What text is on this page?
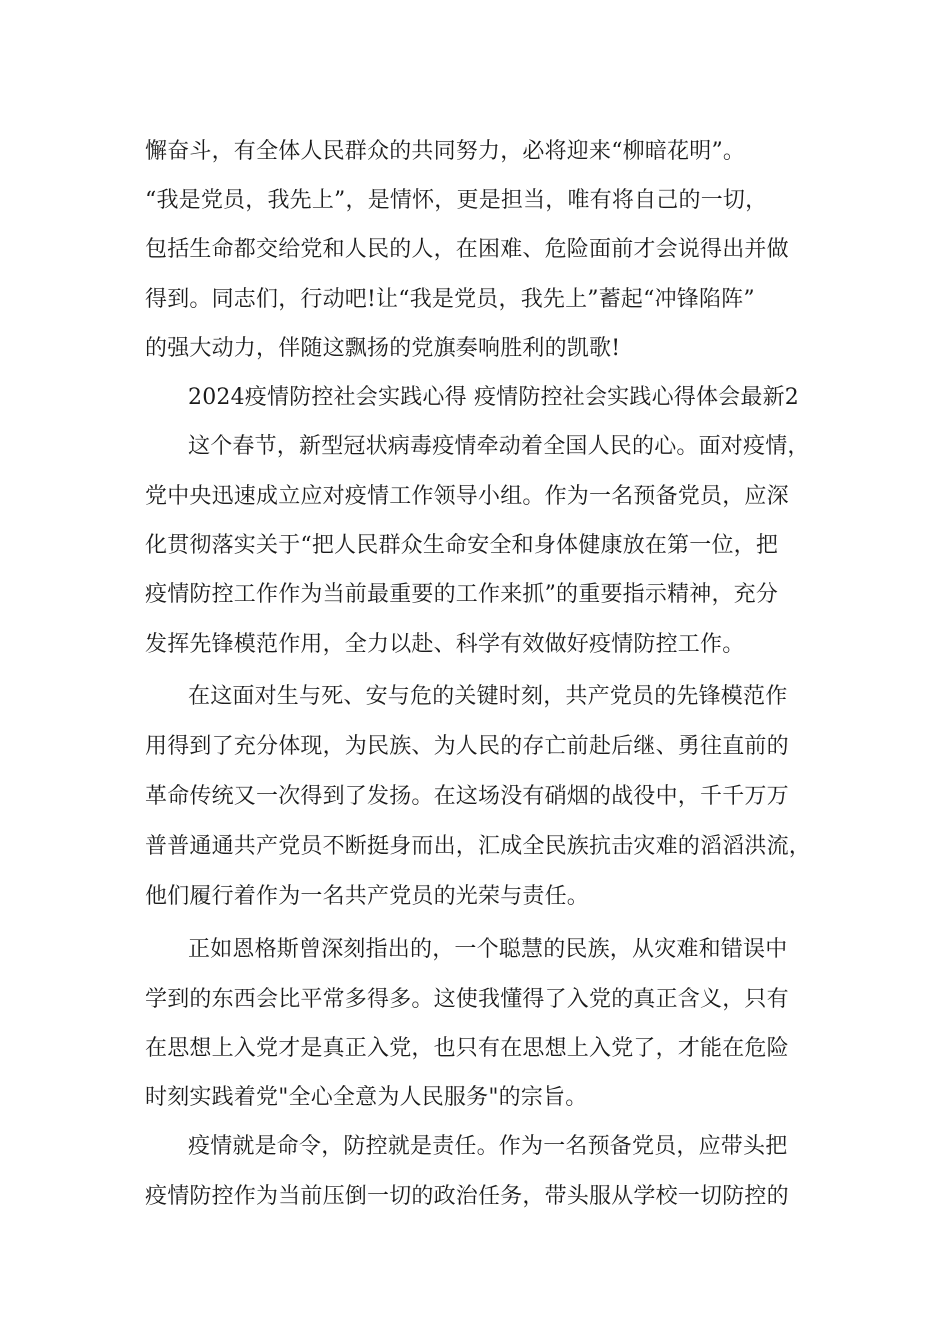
懈奋斗，有全体人民群众的共同努力，必将迎来“柳暗花明”。
“我是党员，我先上”，是情怀，更是担当，唯有将自己的一切，
包括生命都交给党和人民的人，在困难、危险面前才会说得出并做
得到。同志们，行动吧!让“我是党员，我先上”蓄起“冲锋陷阵”
的强大动力，伴随这飘扬的党旗奏响胜利的凯歌!
2024疫情防控社会实践心得 疫情防控社会实践心得体会最新2
这个春节，新型冠状病毒疫情牵动着全国人民的心。面对疫情，
党中央迅速成立应对疫情工作领导小组。作为一名预备党员，应深
化贯彻落实关于“把人民群众生命安全和身体健康放在第一位，把
疫情防控工作作为当前最重要的工作来抓”的重要指示精神，充分
发挥先锋模范作用，全力以赴、科学有效做好疫情防控工作。
在这面对生与死、安与危的关键时刻，共产党员的先锋模范作
用得到了充分体现，为民族、为人民的存亡前赴后继、勇往直前的
革命传统又一次得到了发扬。在这场没有硝烟的战役中，千千万万
普普通通共产党员不断挺身而出，汇成全民族抗击灾难的滔滔洪流，
他们履行着作为一名共产党员的光荣与责任。
正如恩格斯曾深刻指出的，一个聪慧的民族，从灾难和错误中
学到的东西会比平常多得多。这使我懂得了入党的真正含义，只有
在思想上入党才是真正入党，也只有在思想上入党了，才能在危险
时刻实践着党"全心全意为人民服务"的宗旨。
疫情就是命令，防控就是责任。作为一名预备党员，应带头把
疫情防控作为当前压倒一切的政治任务，带头服从学校一切防控的
